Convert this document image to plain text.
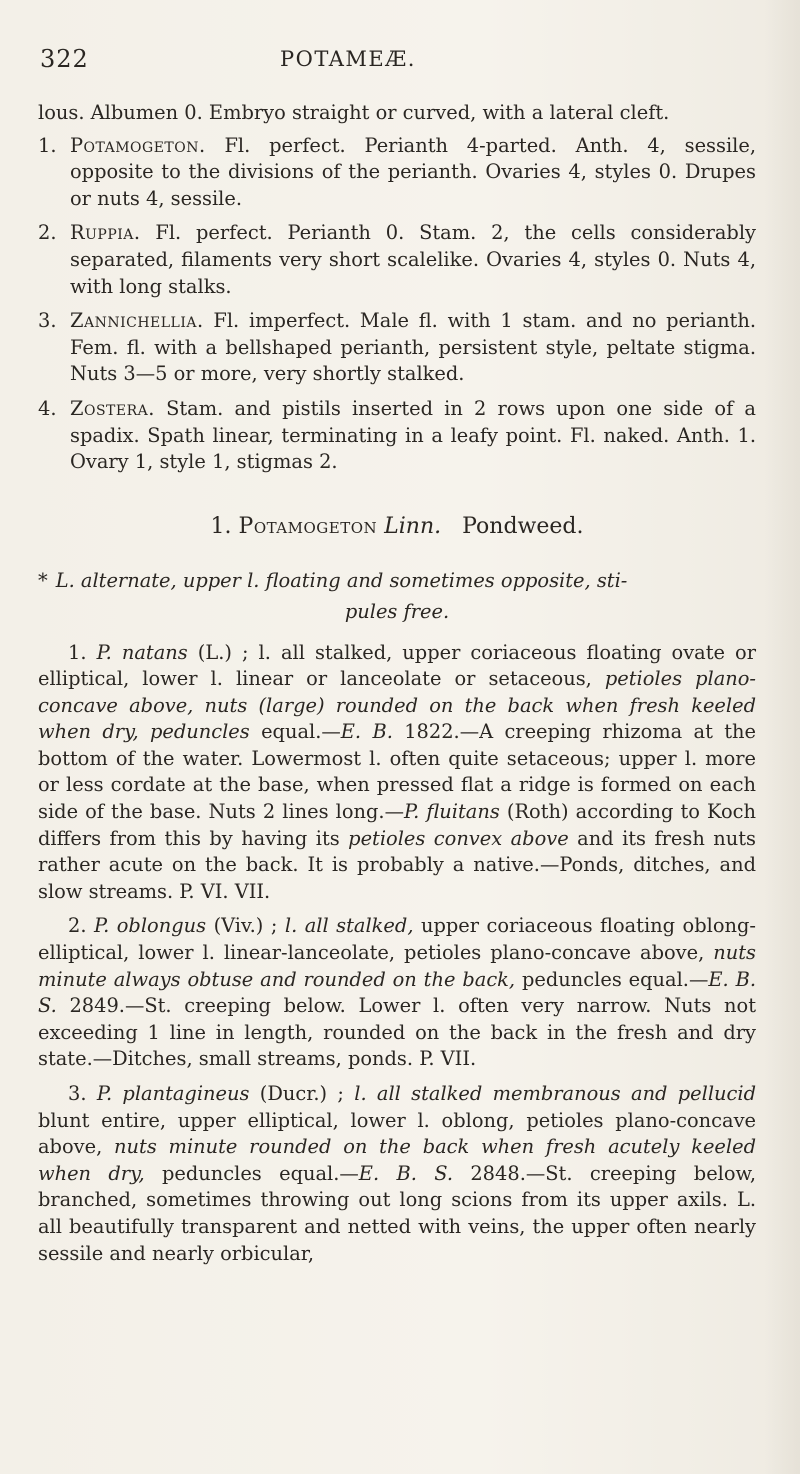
322	POTAMEÆ.

lous. Albumen 0. Embryo straight or curved, with a lateral cleft.

1. Potamogeton. Fl. perfect. Perianth 4-parted. Anth. 4, sessile, opposite to the divisions of the perianth. Ovaries 4, styles 0. Drupes or nuts 4, sessile.

2. Ruppia. Fl. perfect. Perianth 0. Stam. 2, the cells considerably separated, filaments very short scalelike. Ovaries 4, styles 0. Nuts 4, with long stalks.

3. Zannichellia. Fl. imperfect. Male fl. with 1 stam. and no perianth. Fem. fl. with a bellshaped perianth, persistent style, peltate stigma. Nuts 3—5 or more, very shortly stalked.

4. Zostera. Stam. and pistils inserted in 2 rows upon one side of a spadix. Spath linear, terminating in a leafy point. Fl. naked. Anth. 1. Ovary 1, style 1, stigmas 2.

1. Potamogeton Linn. Pondweed.

* L. alternate, upper l. floating and sometimes opposite, sti-
pules free.

1. P. natans (L.) ; l. all stalked, upper coriaceous floating ovate or elliptical, lower l. linear or lanceolate or setaceous, petioles plano-concave above, nuts (large) rounded on the back when fresh keeled when dry, peduncles equal.—E. B. 1822.—A creeping rhizoma at the bottom of the water. Lowermost l. often quite setaceous; upper l. more or less cordate at the base, when pressed flat a ridge is formed on each side of the base. Nuts 2 lines long.—P. fluitans (Roth) according to Koch differs from this by having its petioles convex above and its fresh nuts rather acute on the back. It is probably a native.—Ponds, ditches, and slow streams. P. VI. VII.

2. P. oblongus (Viv.) ; l. all stalked, upper coriaceous floating oblong-elliptical, lower l. linear-lanceolate, petioles plano-concave above, nuts minute always obtuse and rounded on the back, peduncles equal.—E. B. S. 2849.—St. creeping below. Lower l. often very narrow. Nuts not exceeding 1 line in length, rounded on the back in the fresh and dry state.—Ditches, small streams, ponds. P. VII.

3. P. plantagineus (Ducr.) ; l. all stalked membranous and pellucid blunt entire, upper elliptical, lower l. oblong, petioles plano-concave above, nuts minute rounded on the back when fresh acutely keeled when dry, peduncles equal.—E. B. S. 2848.—St. creeping below, branched, sometimes throwing out long scions from its upper axils. L. all beautifully transparent and netted with veins, the upper often nearly sessile and nearly orbicular,
